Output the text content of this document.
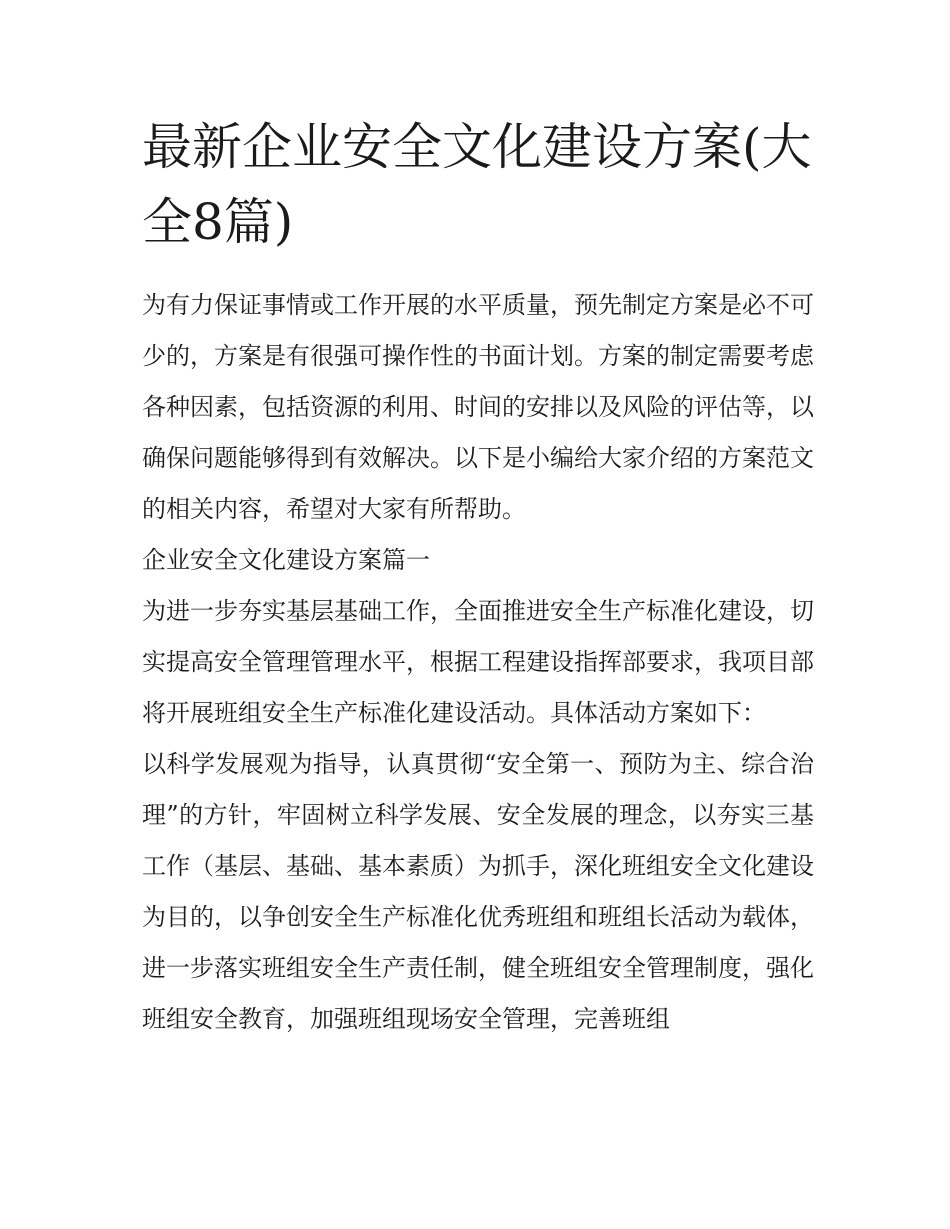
最新企业安全文化建设方案(大全8篇)

为有力保证事情或工作开展的水平质量，预先制定方案是必不可少的，方案是有很强可操作性的书面计划。方案的制定需要考虑各种因素，包括资源的利用、时间的安排以及风险的评估等，以确保问题能够得到有效解决。以下是小编给大家介绍的方案范文的相关内容，希望对大家有所帮助。

企业安全文化建设方案篇一

为进一步夯实基层基础工作，全面推进安全生产标准化建设，切实提高安全管理管理水平，根据工程建设指挥部要求，我项目部将开展班组安全生产标准化建设活动。具体活动方案如下：

以科学发展观为指导，认真贯彻“安全第一、预防为主、综合治理”的方针，牢固树立科学发展、安全发展的理念，以夯实三基工作（基层、基础、基本素质）为抓手，深化班组安全文化建设为目的，以争创安全生产标准化优秀班组和班组长活动为载体，进一步落实班组安全生产责任制，健全班组安全管理制度，强化班组安全教育，加强班组现场安全管理，完善班组
